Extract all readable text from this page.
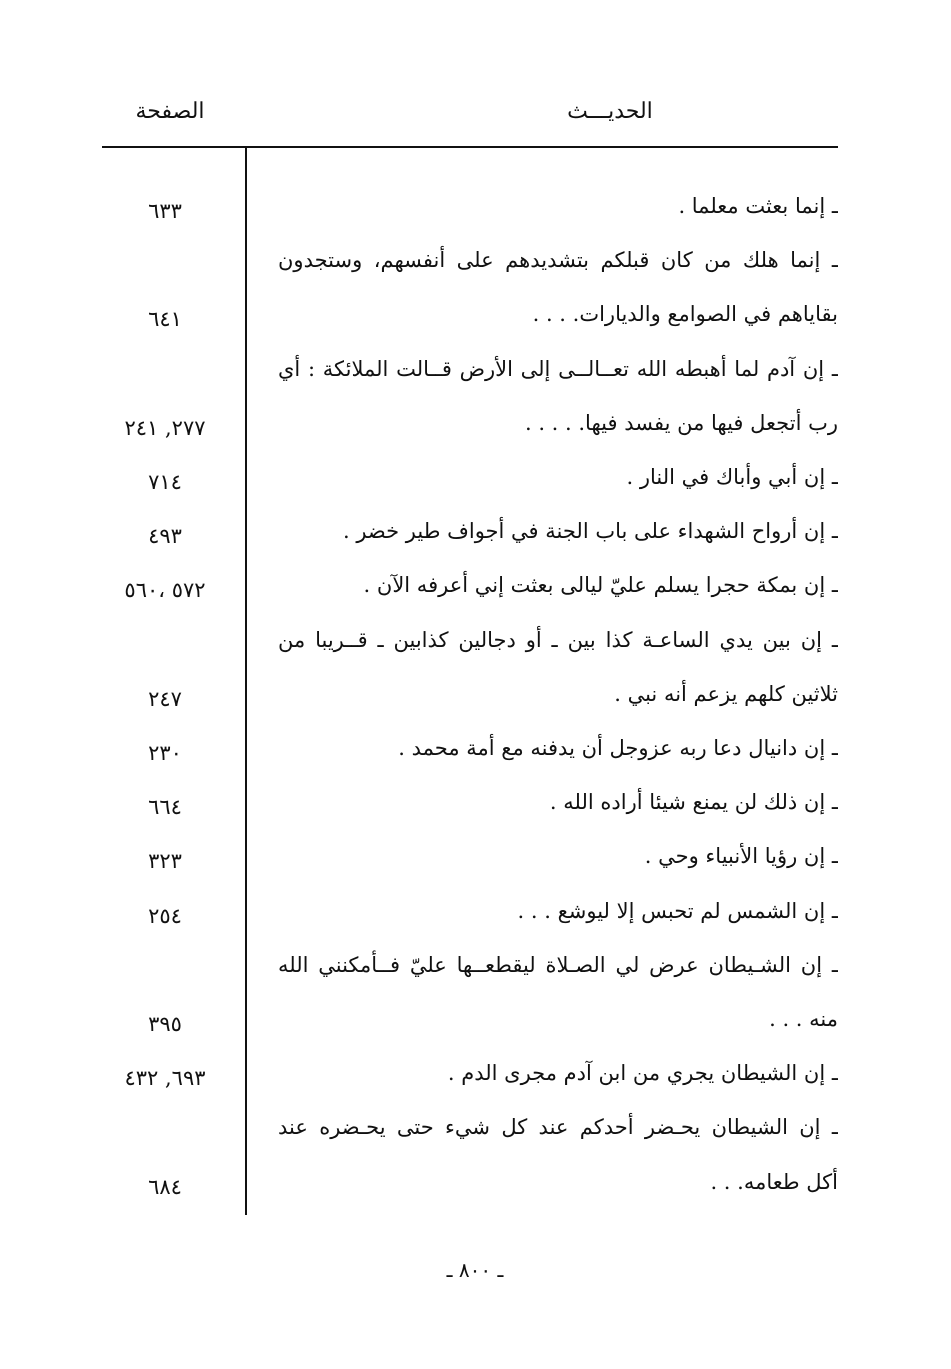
الحديـــث
الصفحة
ـ إنما بعثت معلما .
٦٣٣
ـ إنما هلك من كان قبلكم بتشديدهم على أنفسهم، وستجدون
بقاياهم في الصوامع والديارات. . . .
٦٤١
ـ إن آدم لما أهبطه الله تعــالــى إلى الأرض قــالت الملائكة : أي
رب أتجعل فيها من يفسد فيها. . . . .
٢٧٧, ٢٤١
ـ إن أبي وأباك في النار .
٧١٤
ـ إن أرواح الشهداء على باب الجنة في أجواف طير خضر .
٤٩٣
ـ إن بمكة حجرا يسلم عليّ ليالى بعثت إني أعرفه الآن .
٥٧٢ ،٥٦٠
ـ إن بين يدي الساعـة كذا بين ـ أو دجالين كذابين ـ قــريبا من
ثلاثين كلهم يزعم أنه نبي .
٢٤٧
ـ إن دانيال دعا ربه عزوجل أن يدفنه مع أمة محمد .
٢٣٠
ـ إن ذلك لن يمنع شيئا أراده الله .
٦٦٤
ـ إن رؤيا الأنبياء وحي .
٣٢٣
ـ إن الشمس لم تحبس إلا ليوشع . . .
٢٥٤
ـ إن الشـيطان عرض لي الصـلاة ليقطعــها عليّ فــأمكنني الله
منه . . .
٣٩٥
ـ إن الشيطان يجري من ابن آدم مجرى الدم .
٦٩٣, ٤٣٢
ـ إن الشيطان يحـضر أحدكم عند كل شيء حتى يحـضره عند
أكل طعامه. . .
٦٨٤
ـ ٨٠٠ ـ
